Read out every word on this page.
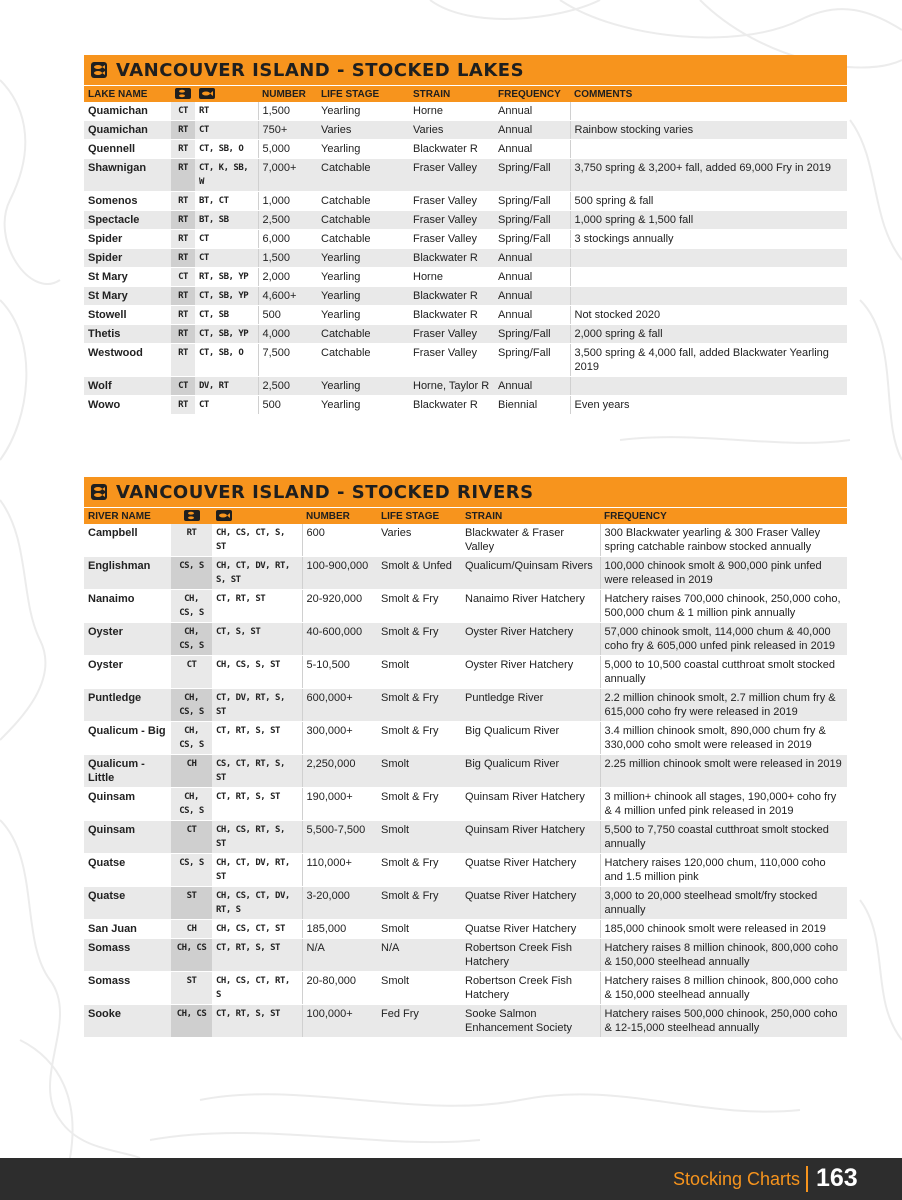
VANCOUVER ISLAND - STOCKED LAKES
LAKE NAME			NUMBER	LIFE STAGE	STRAIN	FREQUENCY	COMMENTS
Quamichan	CT	RT	1,500	Yearling	Horne	Annual	
Quamichan	RT	CT	750+	Varies	Varies	Annual	Rainbow stocking varies
Quennell	RT	CT, SB, O	5,000	Yearling	Blackwater R	Annual	
Shawnigan	RT	CT, K, SB, W	7,000+	Catchable	Fraser Valley	Spring/Fall	3,750 spring & 3,200+ fall, added 69,000 Fry in 2019
Somenos	RT	BT, CT	1,000	Catchable	Fraser Valley	Spring/Fall	500 spring & fall
Spectacle	RT	BT, SB	2,500	Catchable	Fraser Valley	Spring/Fall	1,000 spring & 1,500 fall
Spider	RT	CT	6,000	Catchable	Fraser Valley	Spring/Fall	3 stockings annually
Spider	RT	CT	1,500	Yearling	Blackwater R	Annual	
St Mary	CT	RT, SB, YP	2,000	Yearling	Horne	Annual	
St Mary	RT	CT, SB, YP	4,600+	Yearling	Blackwater R	Annual	
Stowell	RT	CT, SB	500	Yearling	Blackwater R	Annual	Not stocked 2020
Thetis	RT	CT, SB, YP	4,000	Catchable	Fraser Valley	Spring/Fall	2,000 spring & fall
Westwood	RT	CT, SB, O	7,500	Catchable	Fraser Valley	Spring/Fall	3,500 spring & 4,000 fall, added Blackwater Yearling 2019
Wolf	CT	DV, RT	2,500	Yearling	Horne, Taylor R	Annual	
Wowo	RT	CT	500	Yearling	Blackwater R	Biennial	Even years
VANCOUVER ISLAND - STOCKED RIVERS
RIVER NAME			NUMBER	LIFE STAGE	STRAIN	FREQUENCY
Campbell	RT	CH, CS, CT, S, ST	600	Varies	Blackwater & Fraser Valley	300 Blackwater yearling & 300 Fraser Valley spring catchable rainbow stocked annually
Englishman	CS, S	CH, CT, DV, RT, S, ST	100-900,000	Smolt & Unfed	Qualicum/Quinsam Rivers	100,000 chinook smolt & 900,000 pink unfed were released in 2019
Nanaimo	CH, CS, S	CT, RT, ST	20-920,000	Smolt & Fry	Nanaimo River Hatchery	Hatchery raises 700,000 chinook, 250,000 coho, 500,000 chum & 1 million pink annually
Oyster	CH, CS, S	CT, S, ST	40-600,000	Smolt & Fry	Oyster River Hatchery	57,000 chinook smolt, 114,000 chum & 40,000 coho fry & 605,000 unfed pink released in 2019
Oyster	CT	CH, CS, S, ST	5-10,500	Smolt	Oyster River Hatchery	5,000 to 10,500 coastal cutthroat smolt stocked annually
Puntledge	CH, CS, S	CT, DV, RT, S, ST	600,000+	Smolt & Fry	Puntledge River	2.2 million chinook smolt, 2.7 million chum fry & 615,000 coho fry were released in 2019
Qualicum - Big	CH, CS, S	CT, RT, S, ST	300,000+	Smolt & Fry	Big Qualicum River	3.4 million chinook smolt, 890,000 chum fry & 330,000 coho smolt were released in 2019
Qualicum - Little	CH	CS, CT, RT, S, ST	2,250,000	Smolt	Big Qualicum River	2.25 million chinook smolt were released in 2019
Quinsam	CH, CS, S	CT, RT, S, ST	190,000+	Smolt & Fry	Quinsam River Hatchery	3 million+ chinook all stages, 190,000+ coho fry & 4 million unfed pink released in 2019
Quinsam	CT	CH, CS, RT, S, ST	5,500-7,500	Smolt	Quinsam River Hatchery	5,500 to 7,750 coastal cutthroat smolt stocked annually
Quatse	CS, S	CH, CT, DV, RT, ST	110,000+	Smolt & Fry	Quatse River Hatchery	Hatchery raises 120,000 chum, 110,000 coho and 1.5 million pink
Quatse	ST	CH, CS, CT, DV, RT, S	3-20,000	Smolt & Fry	Quatse River Hatchery	3,000 to 20,000 steelhead smolt/fry stocked annually
San Juan	CH	CH, CS, CT, ST	185,000	Smolt	Quatse River Hatchery	185,000 chinook smolt were released in 2019
Somass	CH, CS	CT, RT, S, ST	N/A	N/A	Robertson Creek Fish Hatchery	Hatchery raises 8 million chinook, 800,000 coho & 150,000 steelhead annually
Somass	ST	CH, CS, CT, RT, S	20-80,000	Smolt	Robertson Creek Fish Hatchery	Hatchery raises 8 million chinook, 800,000 coho & 150,000 steelhead annually
Sooke	CH, CS	CT, RT, S, ST	100,000+	Fed Fry	Sooke Salmon Enhancement Society	Hatchery raises 500,000 chinook, 250,000 coho & 12-15,000 steelhead annually
Stocking Charts 163
